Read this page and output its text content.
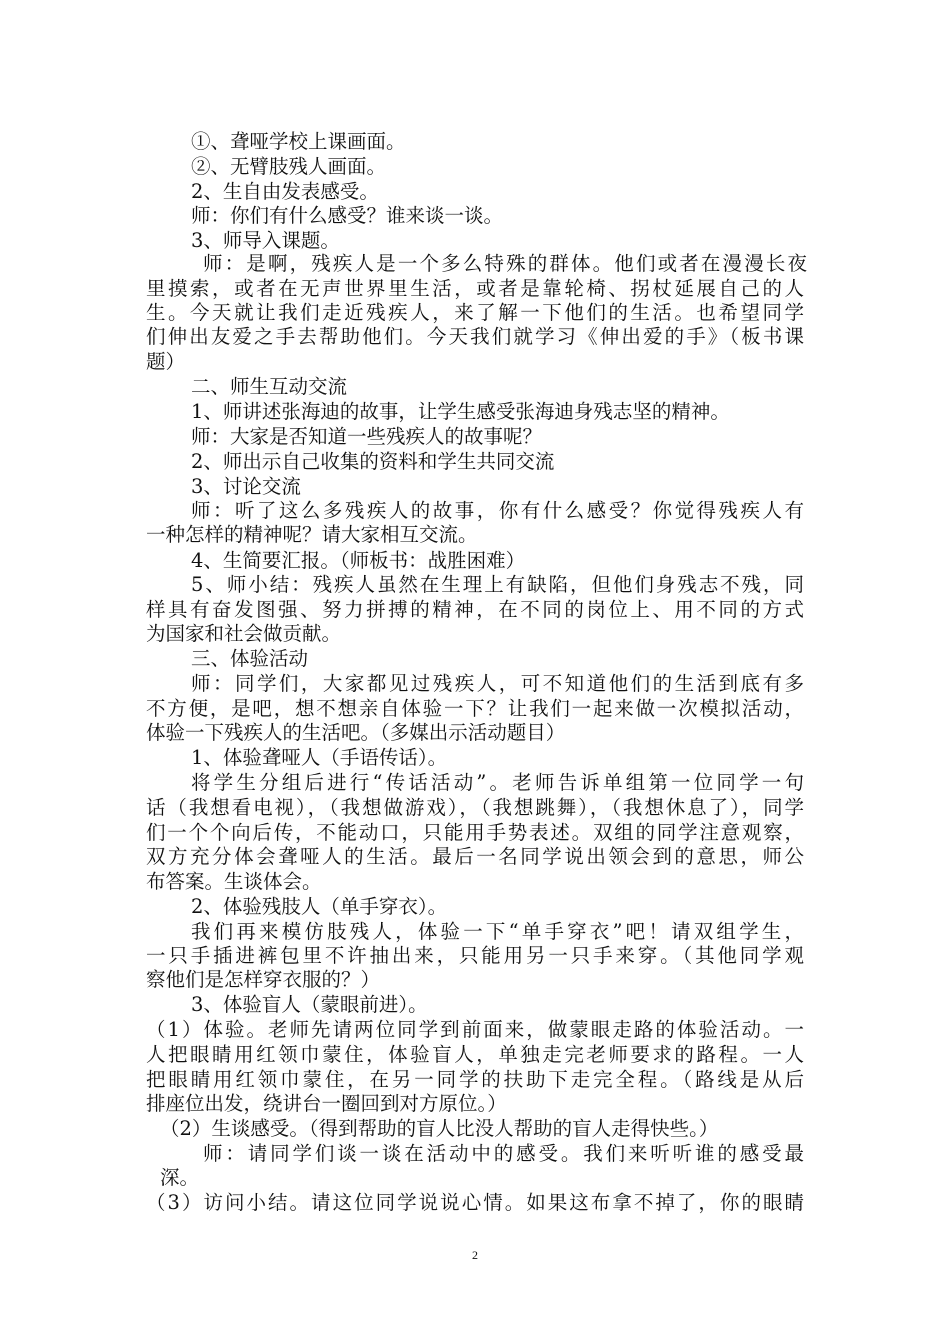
①、聋哑学校上课画面。
②、无臂肢残人画面。
2、生自由发表感受。
师：你们有什么感受？谁来谈一谈。
3、师导入课题。
师：是啊，残疾人是一个多么特殊的群体。他们或者在漫漫长夜
里摸索，或者在无声世界里生活，或者是靠轮椅、拐杖延展自己的人
生。今天就让我们走近残疾人，来了解一下他们的生活。也希望同学
们伸出友爱之手去帮助他们。今天我们就学习《伸出爱的手》（板书课
题）
二、师生互动交流
1、师讲述张海迪的故事，让学生感受张海迪身残志坚的精神。
师：大家是否知道一些残疾人的故事呢？
2、师出示自己收集的资料和学生共同交流
3、讨论交流
师：听了这么多残疾人的故事，你有什么感受？你觉得残疾人有
一种怎样的精神呢？请大家相互交流。
4、生简要汇报。（师板书：战胜困难）
5、师小结：残疾人虽然在生理上有缺陷，但他们身残志不残，同
样具有奋发图强、努力拼搏的精神，在不同的岗位上、用不同的方式
为国家和社会做贡献。
三、体验活动
师：同学们，大家都见过残疾人，可不知道他们的生活到底有多
不方便，是吧，想不想亲自体验一下？让我们一起来做一次模拟活动，
体验一下残疾人的生活吧。（多媒出示活动题目）
1、体验聋哑人（手语传话）。
将学生分组后进行“传话活动”。老师告诉单组第一位同学一句
话（我想看电视），（我想做游戏），（我想跳舞），（我想休息了），同学
们一个个向后传，不能动口，只能用手势表述。双组的同学注意观察，
双方充分体会聋哑人的生活。最后一名同学说出领会到的意思，师公
布答案。生谈体会。
2、体验残肢人（单手穿衣）。
我们再来模仿肢残人，体验一下“单手穿衣”吧！请双组学生，
一只手插进裤包里不许抽出来，只能用另一只手来穿。（其他同学观
察他们是怎样穿衣服的？）
3、体验盲人（蒙眼前进）。
（1）体验。老师先请两位同学到前面来，做蒙眼走路的体验活动。一
人把眼睛用红领巾蒙住，体验盲人，单独走完老师要求的路程。一人
把眼睛用红领巾蒙住，在另一同学的扶助下走完全程。（路线是从后
排座位出发，绕讲台一圈回到对方原位。）
（2）生谈感受。（得到帮助的盲人比没人帮助的盲人走得快些。）
师：请同学们谈一谈在活动中的感受。我们来听听谁的感受最
深。
（3）访问小结。请这位同学说说心情。如果这布拿不掉了，你的眼睛
2
